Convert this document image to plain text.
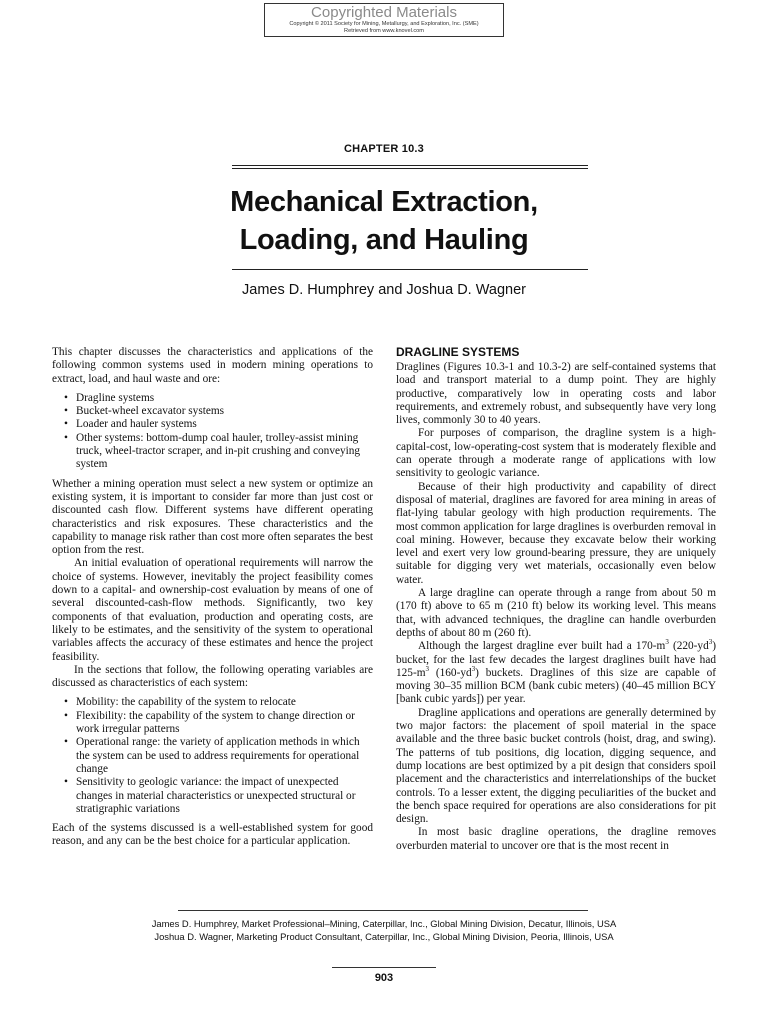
Copyrighted Materials
Copyright © 2011 Society for Mining, Metallurgy, and Exploration, Inc. (SME)
Retrieved from www.knovel.com
CHAPTER 10.3
Mechanical Extraction,
Loading, and Hauling
James D. Humphrey and Joshua D. Wagner

This chapter discusses the characteristics and applications of the following common systems used in modern mining operations to extract, load, and haul waste and ore:

• Dragline systems
• Bucket-wheel excavator systems
• Loader and hauler systems
• Other systems: bottom-dump coal hauler, trolley-assist mining truck, wheel-tractor scraper, and in-pit crushing and conveying system

Whether a mining operation must select a new system or optimize an existing system, it is important to consider far more than just cost or discounted cash flow. Different systems have different operating characteristics and risk exposures. These characteristics and the capability to manage risk rather than cost more often separates the best option from the rest.

An initial evaluation of operational requirements will narrow the choice of systems. However, inevitably the project feasibility comes down to a capital- and ownership-cost evaluation by means of one of several discounted-cash-flow methods. Significantly, two key components of that evaluation, production and operating costs, are likely to be estimates, and the sensitivity of the system to operational variables affects the accuracy of these estimates and hence the project feasibility.

In the sections that follow, the following operating variables are discussed as characteristics of each system:

• Mobility: the capability of the system to relocate
• Flexibility: the capability of the system to change direction or work irregular patterns
• Operational range: the variety of application methods in which the system can be used to address requirements for operational change
• Sensitivity to geologic variance: the impact of unexpected changes in material characteristics or unexpected structural or stratigraphic variations

Each of the systems discussed is a well-established system for good reason, and any can be the best choice for a particular application.

DRAGLINE SYSTEMS

Draglines (Figures 10.3-1 and 10.3-2) are self-contained systems that load and transport material to a dump point. They are highly productive, comparatively low in operating costs and labor requirements, and extremely robust, and subsequently have very long lives, commonly 30 to 40 years.

For purposes of comparison, the dragline system is a high-capital-cost, low-operating-cost system that is moderately flexible and can operate through a moderate range of applications with low sensitivity to geologic variance.

Because of their high productivity and capability of direct disposal of material, draglines are favored for area mining in areas of flat-lying tabular geology with high production requirements. The most common application for large draglines is overburden removal in coal mining. However, because they excavate below their working level and exert very low ground-bearing pressure, they are uniquely suitable for digging very wet materials, occasionally even below water.

A large dragline can operate through a range from about 50 m (170 ft) above to 65 m (210 ft) below its working level. This means that, with advanced techniques, the dragline can handle overburden depths of about 80 m (260 ft).

Although the largest dragline ever built had a $170-m^3$ $(220-yd^3)$ bucket, for the last few decades the largest draglines built have had $125-m^3$ $(160-yd^3)$ buckets. Draglines of this size are capable of moving 30–35 million BCM (bank cubic meters) (40–45 million BCY [bank cubic yards]) per year.

Dragline applications and operations are generally determined by two major factors: the placement of spoil material in the space available and the three basic bucket controls (hoist, drag, and swing). The patterns of tub positions, dig location, digging sequence, and dump locations are best optimized by a pit design that considers spoil placement and the characteristics and interrelationships of the bucket controls. To a lesser extent, the digging peculiarities of the bucket and the bench space required for operations are also considerations for pit design.

In most basic dragline operations, the dragline removes overburden material to uncover ore that is the most recent in

James D. Humphrey, Market Professional–Mining, Caterpillar, Inc., Global Mining Division, Decatur, Illinois, USA
Joshua D. Wagner, Marketing Product Consultant, Caterpillar, Inc., Global Mining Division, Peoria, Illinois, USA
903
